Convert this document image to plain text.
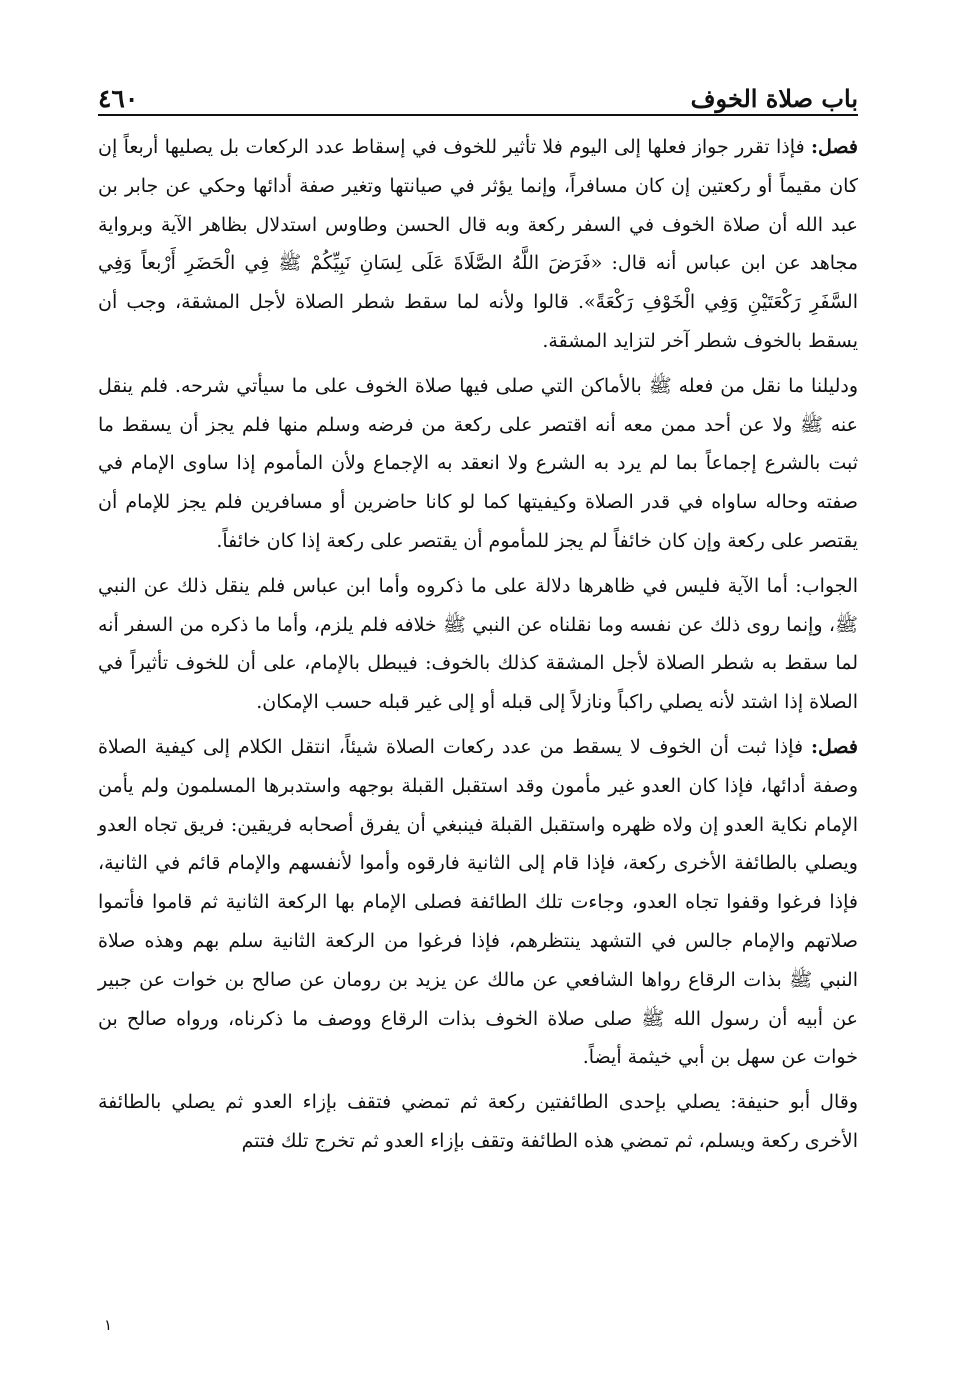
باب صلاة الخوف
٤٦٠

فصل: فإذا تقرر جواز فعلها إلى اليوم فلا تأثير للخوف في إسقاط عدد الركعات بل يصليها أربعاً إن كان مقيماً أو ركعتين إن كان مسافراً، وإنما يؤثر في صيانتها وتغير صفة أدائها وحكي عن جابر بن عبد الله أن صلاة الخوف في السفر ركعة وبه قال الحسن وطاوس استدلال بظاهر الآية وبرواية مجاهد عن ابن عباس أنه قال: «فَرَضَ اللَّهُ الصَّلَاةَ عَلَى لِسَانِ نَبِيِّكُمْ ﷺ فِي الْحَضَرِ أَرْبعاً وَفِي السَّفَرِ رَكْعَتَيْنِ وَفِي الْخَوْفِ رَكْعَةً». قالوا ولأنه لما سقط شطر الصلاة لأجل المشقة، وجب أن يسقط بالخوف شطر آخر لتزايد المشقة.

ودليلنا ما نقل من فعله ﷺ بالأماكن التي صلى فيها صلاة الخوف على ما سيأتي شرحه. فلم ينقل عنه ﷺ ولا عن أحد ممن معه أنه اقتصر على ركعة من فرضه وسلم منها فلم يجز أن يسقط ما ثبت بالشرع إجماعاً بما لم يرد به الشرع ولا انعقد به الإجماع ولأن المأموم إذا ساوى الإمام في صفته وحاله ساواه في قدر الصلاة وكيفيتها كما لو كانا حاضرين أو مسافرين فلم يجز للإمام أن يقتصر على ركعة وإن كان خائفاً لم يجز للمأموم أن يقتصر على ركعة إذا كان خائفاً.

الجواب: أما الآية فليس في ظاهرها دلالة على ما ذكروه وأما ابن عباس فلم ينقل ذلك عن النبي ﷺ، وإنما روى ذلك عن نفسه وما نقلناه عن النبي ﷺ خلافه فلم يلزم، وأما ما ذكره من السفر أنه لما سقط به شطر الصلاة لأجل المشقة كذلك بالخوف: فيبطل بالإمام، على أن للخوف تأثيراً في الصلاة إذا اشتد لأنه يصلي راكباً ونازلاً إلى قبله أو إلى غير قبله حسب الإمكان.

فصل: فإذا ثبت أن الخوف لا يسقط من عدد ركعات الصلاة شيئاً، انتقل الكلام إلى كيفية الصلاة وصفة أدائها، فإذا كان العدو غير مأمون وقد استقبل القبلة بوجهه واستدبرها المسلمون ولم يأمن الإمام نكاية العدو إن ولاه ظهره واستقبل القبلة فينبغي أن يفرق أصحابه فريقين: فريق تجاه العدو ويصلي بالطائفة الأخرى ركعة، فإذا قام إلى الثانية فارقوه وأموا لأنفسهم والإمام قائم في الثانية، فإذا فرغوا وقفوا تجاه العدو، وجاءت تلك الطائفة فصلى الإمام بها الركعة الثانية ثم قاموا فأتموا صلاتهم والإمام جالس في التشهد ينتظرهم، فإذا فرغوا من الركعة الثانية سلم بهم وهذه صلاة النبي ﷺ بذات الرقاع رواها الشافعي عن مالك عن يزيد بن رومان عن صالح بن خوات عن جبير عن أبيه أن رسول الله ﷺ صلى صلاة الخوف بذات الرقاع ووصف ما ذكرناه، ورواه صالح بن خوات عن سهل بن أبي خيثمة أيضاً.

وقال أبو حنيفة: يصلي بإحدى الطائفتين ركعة ثم تمضي فتقف بإزاء العدو ثم يصلي بالطائفة الأخرى ركعة ويسلم، ثم تمضي هذه الطائفة وتقف بإزاء العدو ثم تخرج تلك فتتم

١
